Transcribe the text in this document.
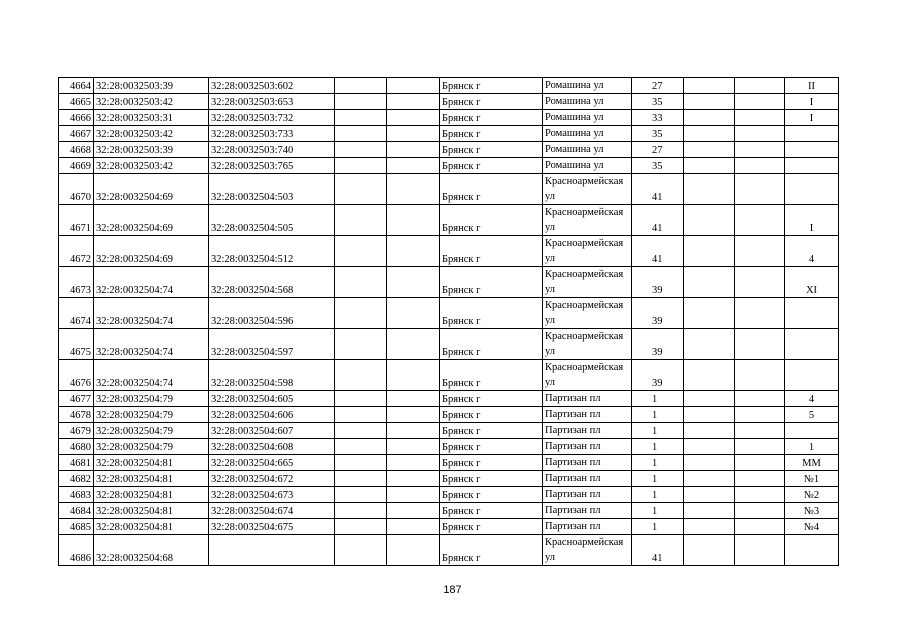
4664	32:28:0032503:39	32:28:0032503:602			Брянск г	Ромашина ул	27			II
4665	32:28:0032503:42	32:28:0032503:653			Брянск г	Ромашина ул	35			I
4666	32:28:0032503:31	32:28:0032503:732			Брянск г	Ромашина ул	33			I
4667	32:28:0032503:42	32:28:0032503:733			Брянск г	Ромашина ул	35			
4668	32:28:0032503:39	32:28:0032503:740			Брянск г	Ромашина ул	27			
4669	32:28:0032503:42	32:28:0032503:765			Брянск г	Ромашина ул	35			
4670	32:28:0032504:69	32:28:0032504:503			Брянск г	Красноармейская ул	41			
4671	32:28:0032504:69	32:28:0032504:505			Брянск г	Красноармейская ул	41			I
4672	32:28:0032504:69	32:28:0032504:512			Брянск г	Красноармейская ул	41			4
4673	32:28:0032504:74	32:28:0032504:568			Брянск г	Красноармейская ул	39			XI
4674	32:28:0032504:74	32:28:0032504:596			Брянск г	Красноармейская ул	39			
4675	32:28:0032504:74	32:28:0032504:597			Брянск г	Красноармейская ул	39			
4676	32:28:0032504:74	32:28:0032504:598			Брянск г	Красноармейская ул	39			
4677	32:28:0032504:79	32:28:0032504:605			Брянск г	Партизан пл	1			4
4678	32:28:0032504:79	32:28:0032504:606			Брянск г	Партизан пл	1			5
4679	32:28:0032504:79	32:28:0032504:607			Брянск г	Партизан пл	1			
4680	32:28:0032504:79	32:28:0032504:608			Брянск г	Партизан пл	1			1
4681	32:28:0032504:81	32:28:0032504:665			Брянск г	Партизан пл	1			ММ
4682	32:28:0032504:81	32:28:0032504:672			Брянск г	Партизан пл	1			№1
4683	32:28:0032504:81	32:28:0032504:673			Брянск г	Партизан пл	1			№2
4684	32:28:0032504:81	32:28:0032504:674			Брянск г	Партизан пл	1			№3
4685	32:28:0032504:81	32:28:0032504:675			Брянск г	Партизан пл	1			№4
4686	32:28:0032504:68				Брянск г	Красноармейская ул	41			
187
